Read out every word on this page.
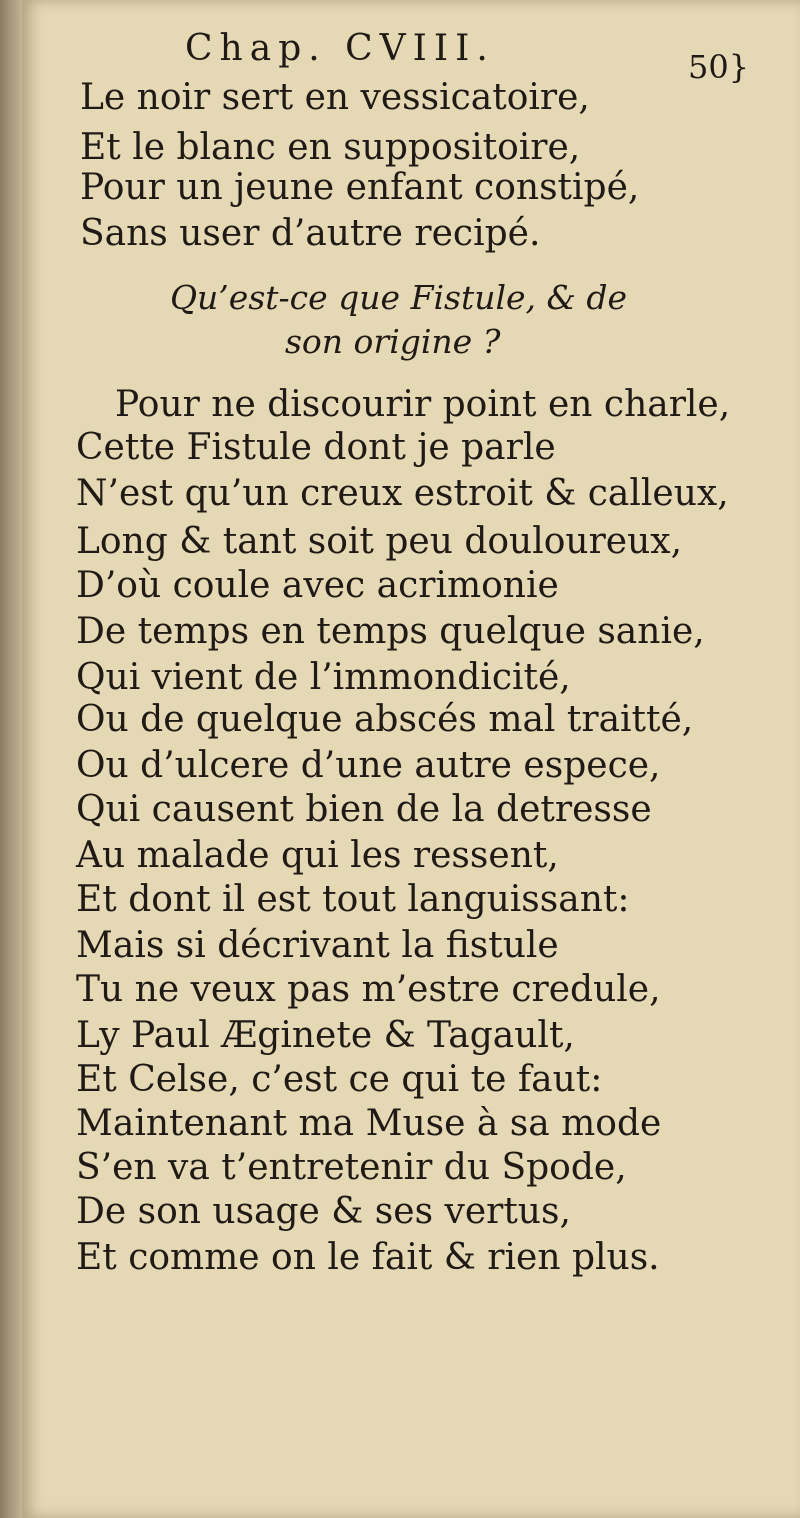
Chap. CVIII.	50}
Le noir sert en vessicatoire,
Et le blanc en suppositoire,
Pour un jeune enfant constipé,
Sans user d’autre recipé.
Qu’est-ce que Fistule, & de
son origine ?
Pour ne discourir point en charle,
Cette Fistule dont je parle
N’est qu’un creux estroit & calleux,
Long & tant soit peu douloureux,
D’où coule avec acrimonie
De temps en temps quelque sanie,
Qui vient de l’immondicité,
Ou de quelque abscés mal traitté,
Ou d’ulcere d’une autre espece,
Qui causent bien de la detresse
Au malade qui les ressent,
Et dont il est tout languissant:
Mais si décrivant la fistule
Tu ne veux pas m’estre credule,
Ly Paul Æginete & Tagault,
Et Celse, c’est ce qui te faut:
Maintenant ma Muse à sa mode
S’en va t’entretenir du Spode,
De son usage & ses vertus,
Et comme on le fait & rien plus.
